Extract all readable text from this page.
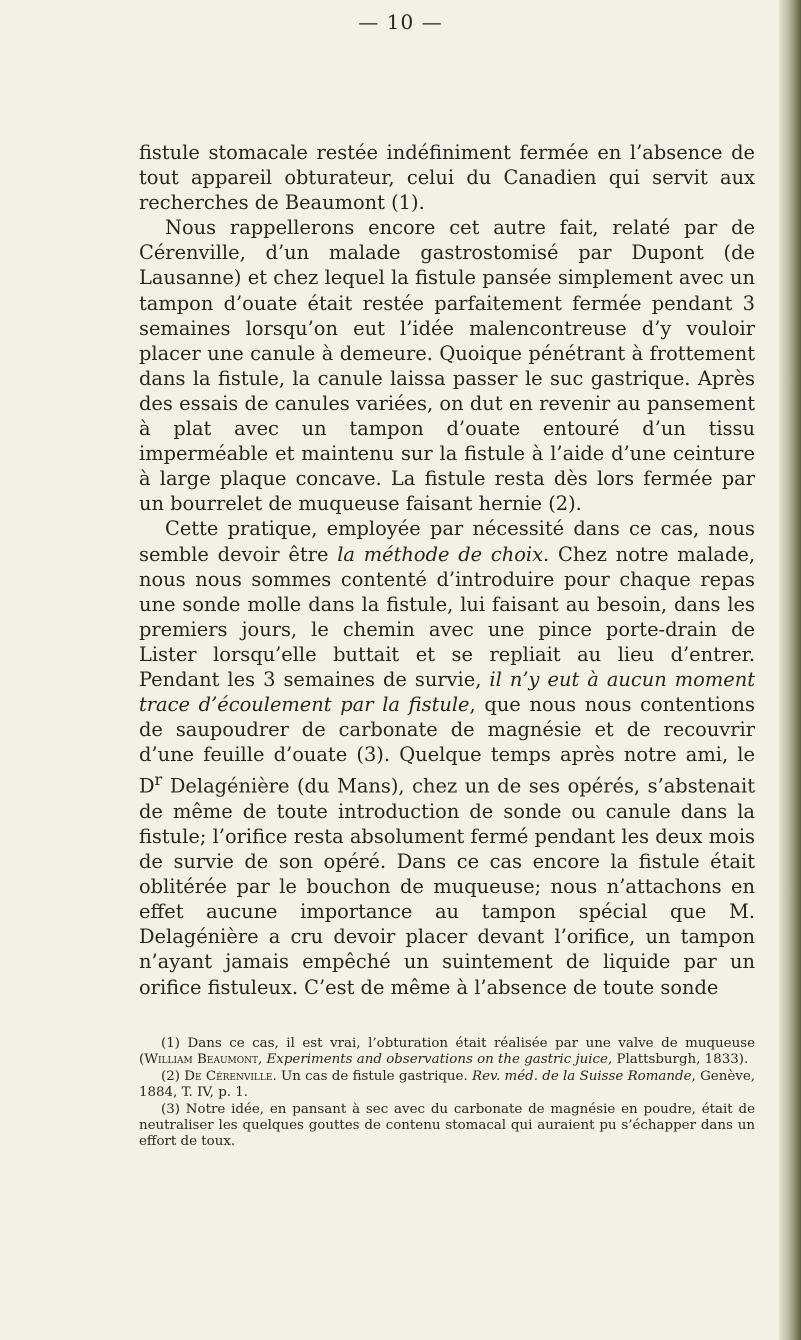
— 10 —

fistule stomacale restée indéfiniment fermée en l’absence de tout appareil obturateur, celui du Canadien qui servit aux recherches de Beaumont (1).

Nous rappellerons encore cet autre fait, relaté par de Cérenville, d’un malade gastrostomisé par Dupont (de Lausanne) et chez lequel la fistule pansée simplement avec un tampon d’ouate était restée parfaitement fermée pendant 3 semaines lorsqu’on eut l’idée malencontreuse d’y vouloir placer une canule à demeure. Quoique pénétrant à frottement dans la fistule, la canule laissa passer le suc gastrique. Après des essais de canules variées, on dut en revenir au pansement à plat avec un tampon d’ouate entouré d’un tissu imperméable et maintenu sur la fistule à l’aide d’une ceinture à large plaque concave. La fistule resta dès lors fermée par un bourrelet de muqueuse faisant hernie (2).

Cette pratique, employée par nécessité dans ce cas, nous semble devoir être la méthode de choix. Chez notre malade, nous nous sommes contenté d’introduire pour chaque repas une sonde molle dans la fistule, lui faisant au besoin, dans les premiers jours, le chemin avec une pince porte-drain de Lister lorsqu’elle buttait et se repliait au lieu d’entrer. Pendant les 3 semaines de survie, il n’y eut à aucun moment trace d’écoulement par la fistule, que nous nous contentions de saupoudrer de carbonate de magnésie et de recouvrir d’une feuille d’ouate (3). Quelque temps après notre ami, le $D^r$ Delagénière (du Mans), chez un de ses opérés, s’abstenait de même de toute introduction de sonde ou canule dans la fistule; l’orifice resta absolument fermé pendant les deux mois de survie de son opéré. Dans ce cas encore la fistule était oblitérée par le bouchon de muqueuse; nous n’attachons en effet aucune importance au tampon spécial que M. Delagénière a cru devoir placer devant l’orifice, un tampon n’ayant jamais empêché un suintement de liquide par un orifice fistuleux. C’est de même à l’absence de toute sonde

(1) Dans ce cas, il est vrai, l’obturation était réalisée par une valve de muqueuse (William Beaumont, Experiments and observations on the gastric juice, Plattsburgh, 1833).

(2) De Cérenville. Un cas de fistule gastrique. Rev. méd. de la Suisse Romande, Genève, 1884, T. IV, p. 1.

(3) Notre idée, en pansant à sec avec du carbonate de magnésie en poudre, était de neutraliser les quelques gouttes de contenu stomacal qui auraient pu s’échapper dans un effort de toux.
